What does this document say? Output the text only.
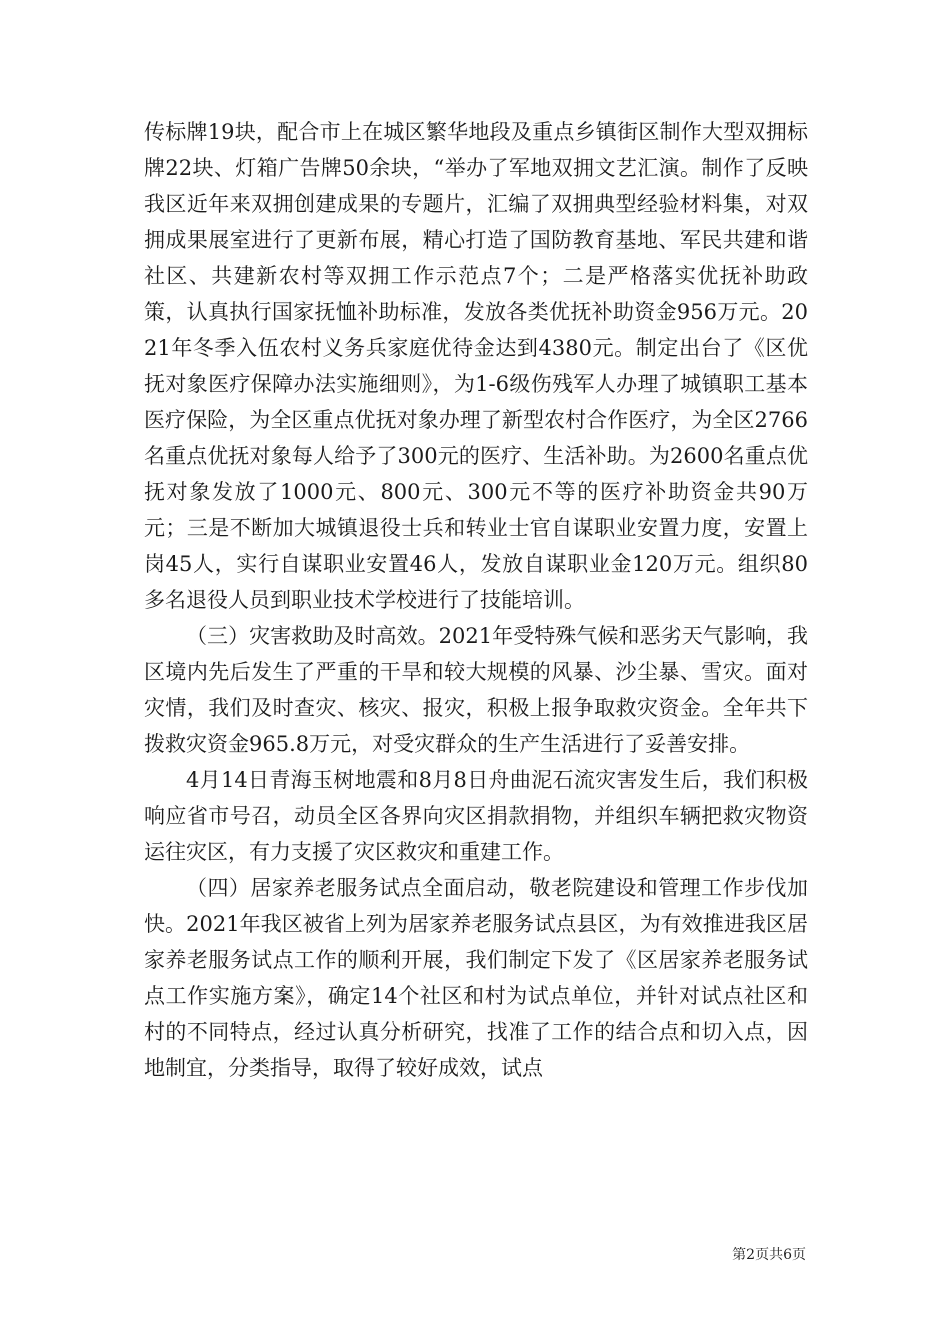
传标牌19块，配合市上在城区繁华地段及重点乡镇街区制作大型双拥标牌22块、灯箱广告牌50余块，“举办了军地双拥文艺汇演。制作了反映我区近年来双拥创建成果的专题片，汇编了双拥典型经验材料集，对双拥成果展室进行了更新布展，精心打造了国防教育基地、军民共建和谐社区、共建新农村等双拥工作示范点7个；二是严格落实优抚补助政策，认真执行国家抚恤补助标准，发放各类优抚补助资金956万元。2021年冬季入伍农村义务兵家庭优待金达到4380元。制定出台了《区优抚对象医疗保障办法实施细则》，为1-6级伤残军人办理了城镇职工基本医疗保险，为全区重点优抚对象办理了新型农村合作医疗，为全区2766名重点优抚对象每人给予了300元的医疗、生活补助。为2600名重点优抚对象发放了1000元、800元、300元不等的医疗补助资金共90万元；三是不断加大城镇退役士兵和转业士官自谋职业安置力度，安置上岗45人，实行自谋职业安置46人，发放自谋职业金120万元。组织80多名退役人员到职业技术学校进行了技能培训。

（三）灾害救助及时高效。2021年受特殊气候和恶劣天气影响，我区境内先后发生了严重的干旱和较大规模的风暴、沙尘暴、雪灾。面对灾情，我们及时查灾、核灾、报灾，积极上报争取救灾资金。全年共下拨救灾资金965.8万元，对受灾群众的生产生活进行了妥善安排。

4月14日青海玉树地震和8月8日舟曲泥石流灾害发生后，我们积极响应省市号召，动员全区各界向灾区捐款捐物，并组织车辆把救灾物资运往灾区，有力支援了灾区救灾和重建工作。

（四）居家养老服务试点全面启动，敬老院建设和管理工作步伐加快。2021年我区被省上列为居家养老服务试点县区，为有效推进我区居家养老服务试点工作的顺利开展，我们制定下发了《区居家养老服务试点工作实施方案》，确定14个社区和村为试点单位，并针对试点社区和村的不同特点，经过认真分析研究，找准了工作的结合点和切入点，因地制宜，分类指导，取得了较好成效，试点

第2页共6页
